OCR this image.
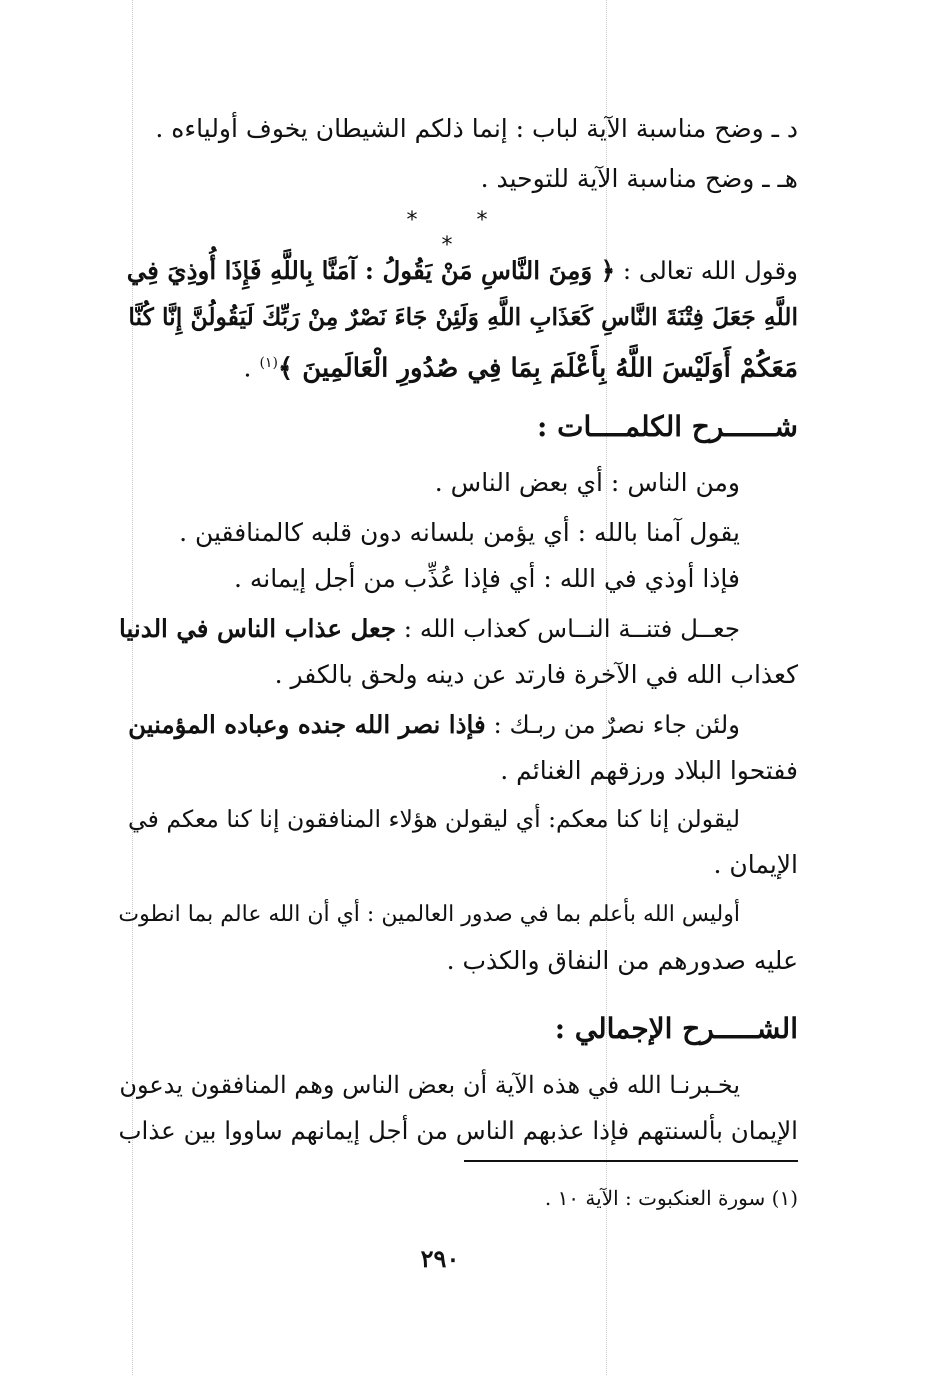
د ـ وضح مناسبة الآية لباب : إنما ذلكم الشيطان يخوف أولياءه .
هـ ـ وضح مناسبة الآية للتوحيد .
وقول الله تعالى : ﴿ وَمِنَ النَّاسِ مَنْ يَقُولُ : آمَنَّا بِاللَّهِ فَإِذَا أُوذِيَ فِي
اللَّهِ جَعَلَ فِتْنَةَ النَّاسِ كَعَذَابِ اللَّهِ وَلَئِنْ جَاءَ نَصْرٌ مِنْ رَبِّكَ لَيَقُولُنَّ إِنَّا كُنَّا
مَعَكُمْ أَوَلَيْسَ اللَّهُ بِأَعْلَمَ بِمَا فِي صُدُورِ الْعَالَمِينَ ﴾$^{(١)}$ .
شــــــرح الكلمــــات :
ومن الناس : أي بعض الناس .
يقول آمنا بالله : أي يؤمن بلسانه دون قلبه كالمنافقين .
فإذا أوذي في الله : أي فإذا عُذِّب من أجل إيمانه .
جعــل فتنــة النــاس كعذاب الله : جعل عذاب الناس في الدنيا
كعذاب الله في الآخرة فارتد عن دينه ولحق بالكفر .
ولئن جاء نصرٌ من ربـك : فإذا نصر الله جنده وعباده المؤمنين
ففتحوا البلاد ورزقهم الغنائم .
ليقولن إنا كنا معكم: أي ليقولن هؤلاء المنافقون إنا كنا معكم في
الإيمان .
أوليس الله بأعلم بما في صدور العالمين : أي أن الله عالم بما انطوت
عليه صدورهم من النفاق والكذب .
الشـــــرح الإجمالي :
يخـبرنـا الله في هذه الآية أن بعض الناس وهم المنافقون يدعون
الإيمان بألسنتهم فإذا عذبهم الناس من أجل إيمانهم ساووا بين عذاب
* * *
(١) سورة العنكبوت : الآية ١٠ .
٢٩٠
